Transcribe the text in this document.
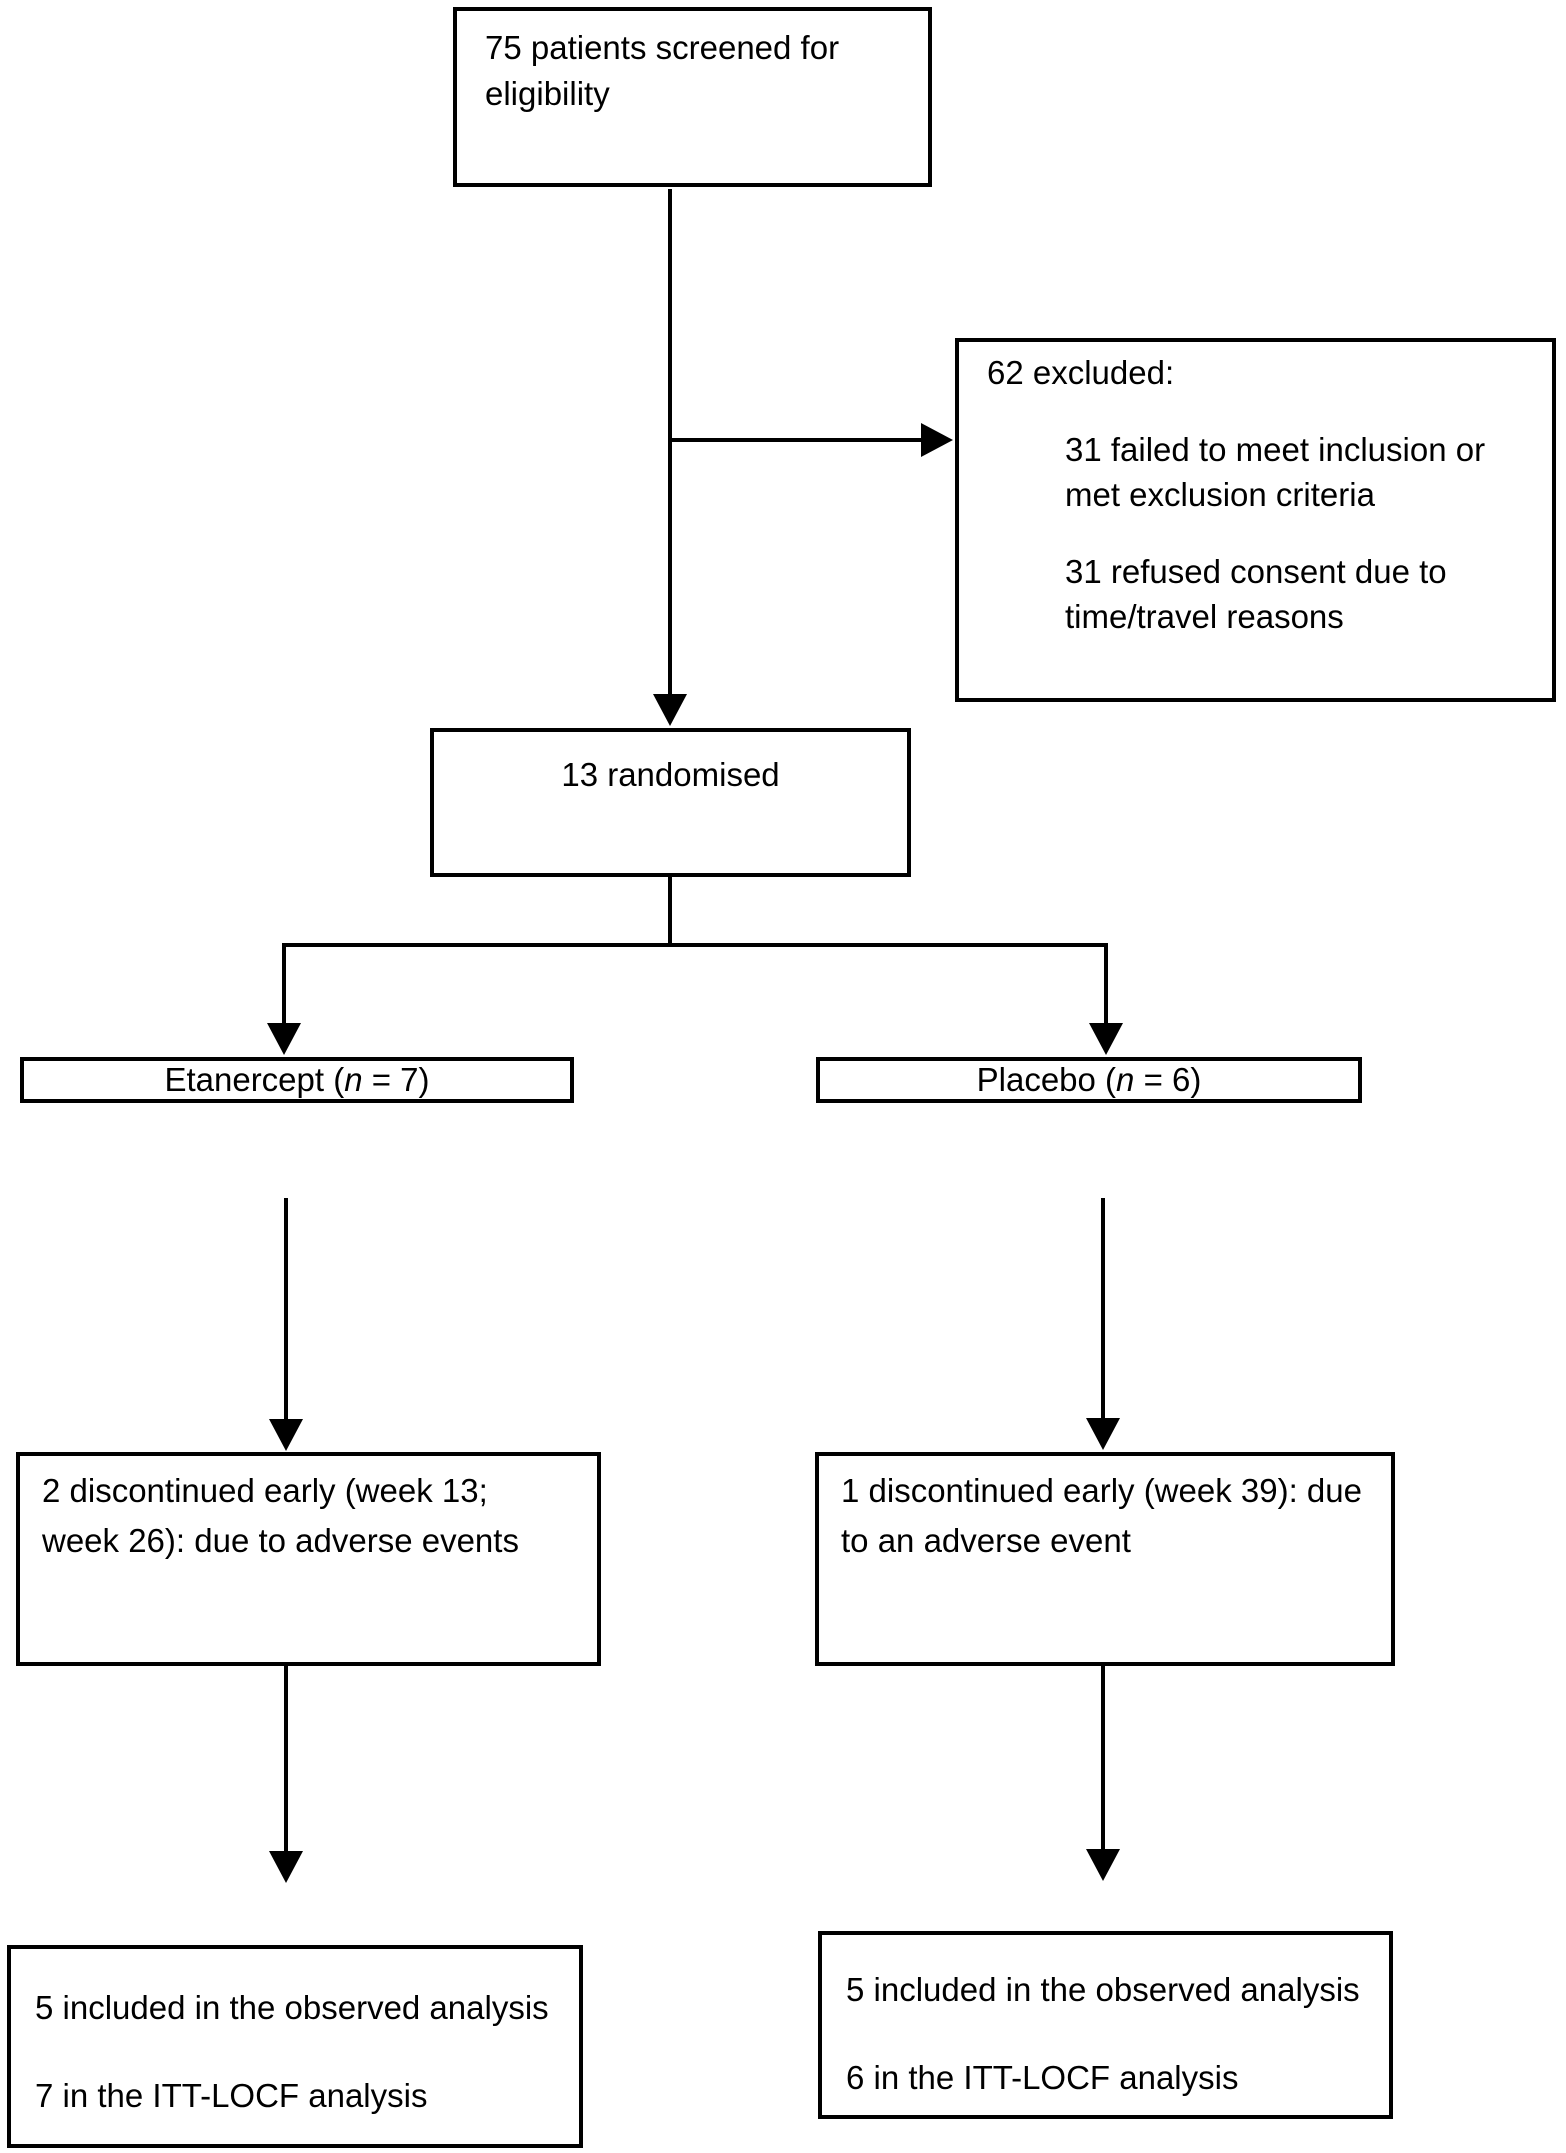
75 patients screened for
eligibility
62 excluded:
31 failed to meet inclusion or
met exclusion criteria
31 refused consent due to
time/travel reasons
13 randomised
Etanercept ( n = 7)	Placebo ( n = 6)
2 discontinued early (week 13;
week 26): due to adverse events
1 discontinued early (week 39): due
to an adverse event
5 included in the observed analysis
7 in the ITT-LOCF analysis
5 included in the observed analysis
6 in the ITT-LOCF analysis
